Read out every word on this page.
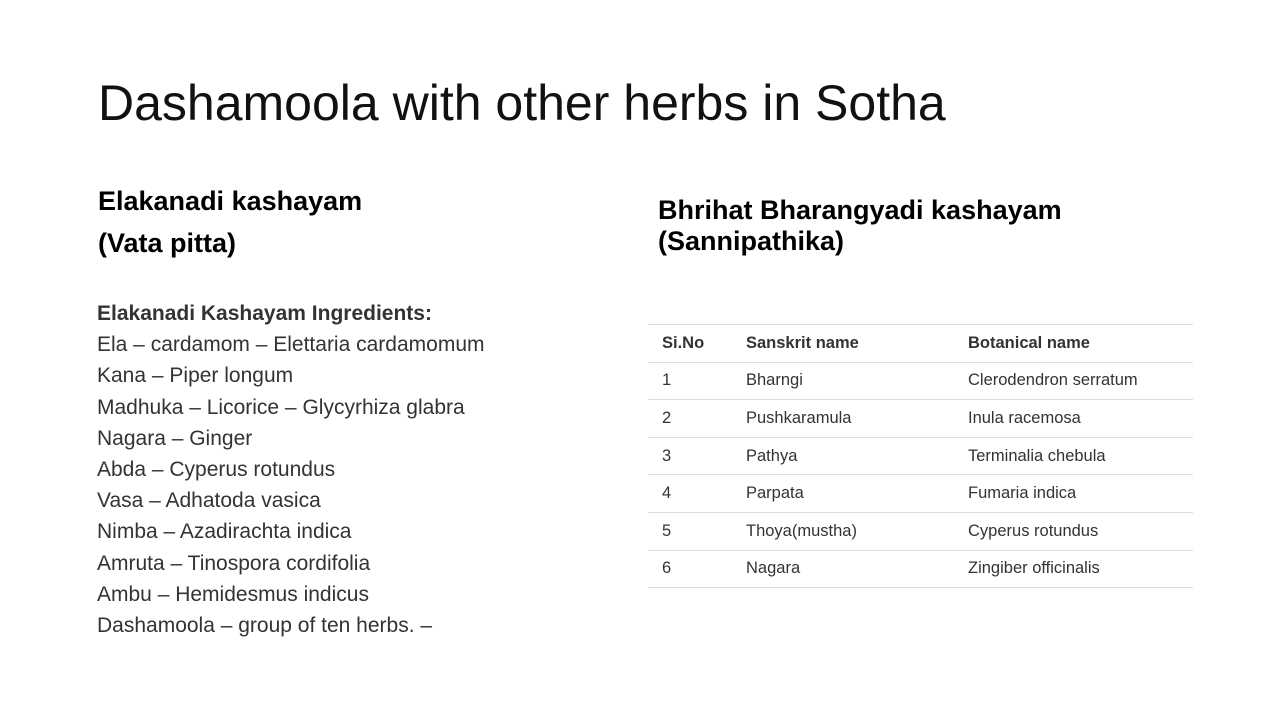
Dashamoola with other herbs in Sotha
Elakanadi kashayam
(Vata pitta)
Bhrihat Bharangyadi kashayam
(Sannipathika)
Elakanadi Kashayam Ingredients:
Ela – cardamom – Elettaria cardamomum
Kana – Piper longum
Madhuka – Licorice – Glycyrhiza glabra
Nagara – Ginger
Abda – Cyperus rotundus
Vasa – Adhatoda vasica
Nimba – Azadirachta indica
Amruta – Tinospora cordifolia
Ambu – Hemidesmus indicus
Dashamoola – group of ten herbs. –
Si.No	Sanskrit name	Botanical name
1	Bharngi	Clerodendron serratum
2	Pushkaramula	Inula racemosa
3	Pathya	Terminalia chebula
4	Parpata	Fumaria indica
5	Thoya(mustha)	Cyperus rotundus
6	Nagara	Zingiber officinalis
